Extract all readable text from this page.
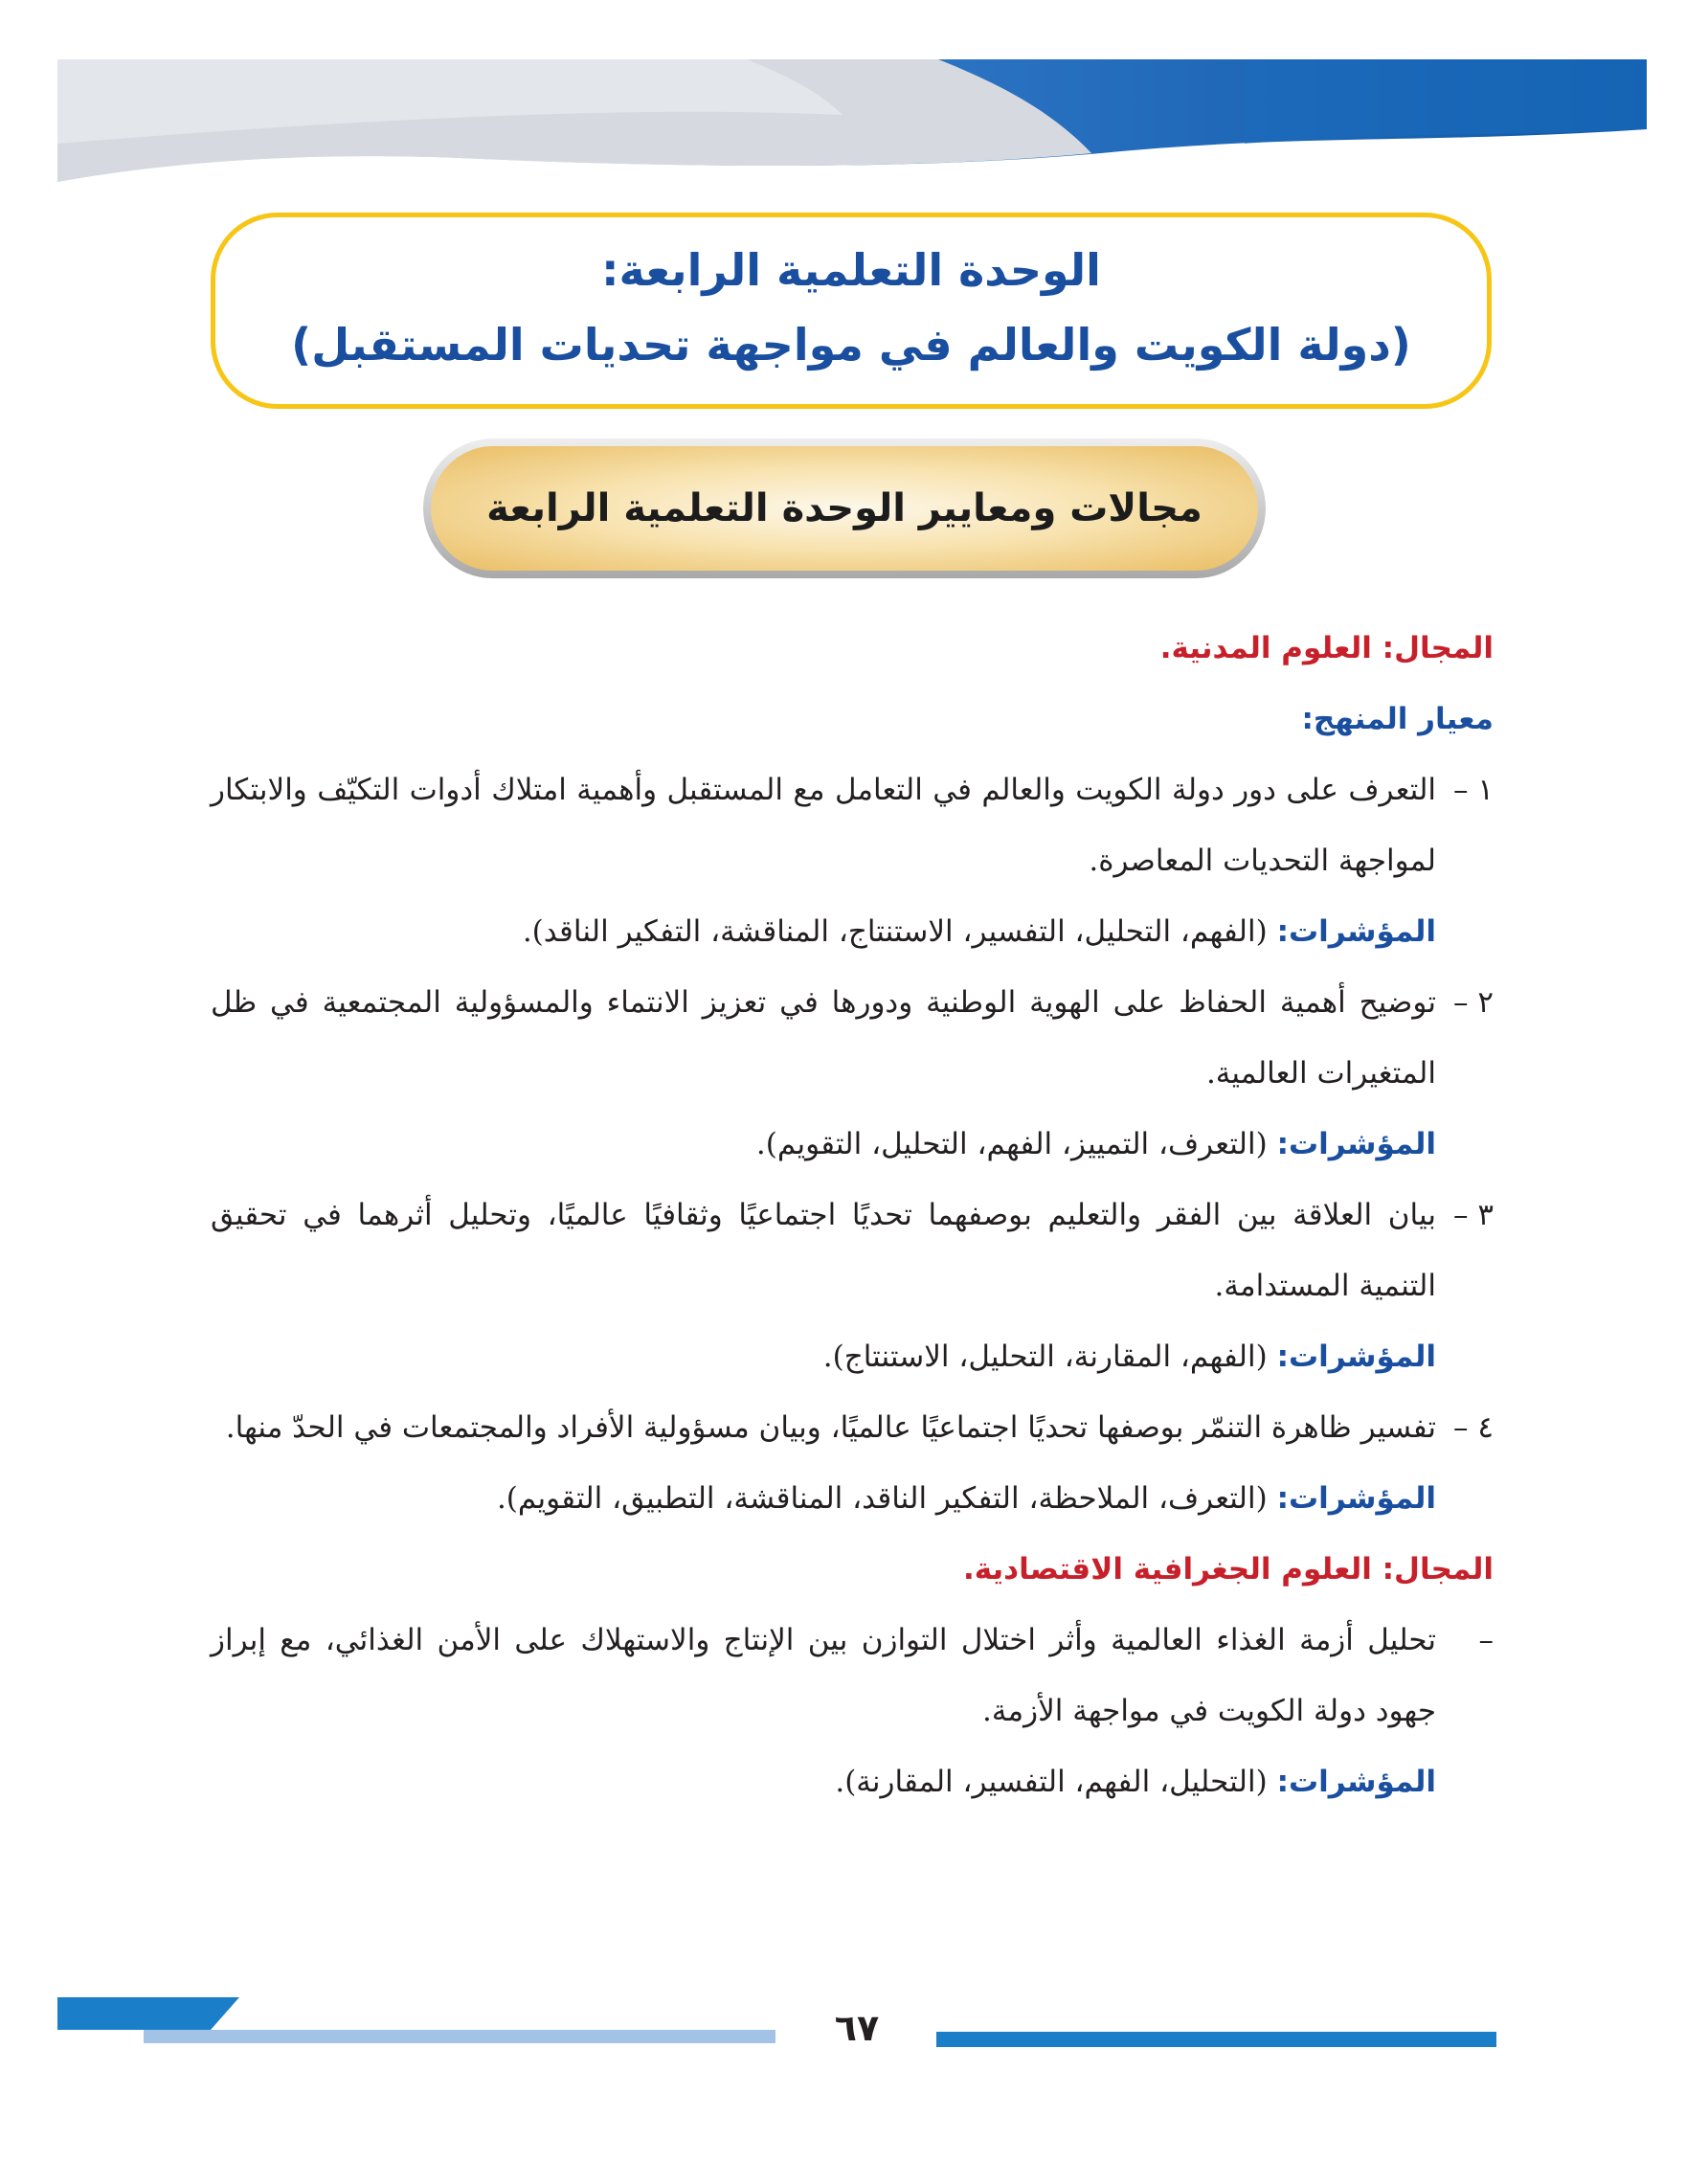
الوحدة التعلمية الرابعة:
(دولة الكويت والعالم في مواجهة تحديات المستقبل)
مجالات ومعايير الوحدة التعلمية الرابعة
المجال: العلوم المدنية.
معيار المنهج:
١ –
التعرف على دور دولة الكويت والعالم في التعامل مع المستقبل وأهمية امتلاك أدوات التكيّف والابتكار لمواجهة التحديات المعاصرة.
المؤشرات: (الفهم، التحليل، التفسير، الاستنتاج، المناقشة، التفكير الناقد).
٢ –
توضيح أهمية الحفاظ على الهوية الوطنية ودورها في تعزيز الانتماء والمسؤولية المجتمعية في ظل المتغيرات العالمية.
المؤشرات: (التعرف، التمييز، الفهم، التحليل، التقويم).
٣ –
بيان العلاقة بين الفقر والتعليم بوصفهما تحديًا اجتماعيًا وثقافيًا عالميًا، وتحليل أثرهما في تحقيق التنمية المستدامة.
المؤشرات: (الفهم، المقارنة، التحليل، الاستنتاج).
٤ –
تفسير ظاهرة التنمّر بوصفها تحديًا اجتماعيًا عالميًا، وبيان مسؤولية الأفراد والمجتمعات في الحدّ منها.
المؤشرات: (التعرف، الملاحظة، التفكير الناقد، المناقشة، التطبيق، التقويم).
المجال: العلوم الجغرافية الاقتصادية.
–
تحليل أزمة الغذاء العالمية وأثر اختلال التوازن بين الإنتاج والاستهلاك على الأمن الغذائي، مع إبراز جهود دولة الكويت في مواجهة الأزمة.
المؤشرات: (التحليل، الفهم، التفسير، المقارنة).
٦٧
